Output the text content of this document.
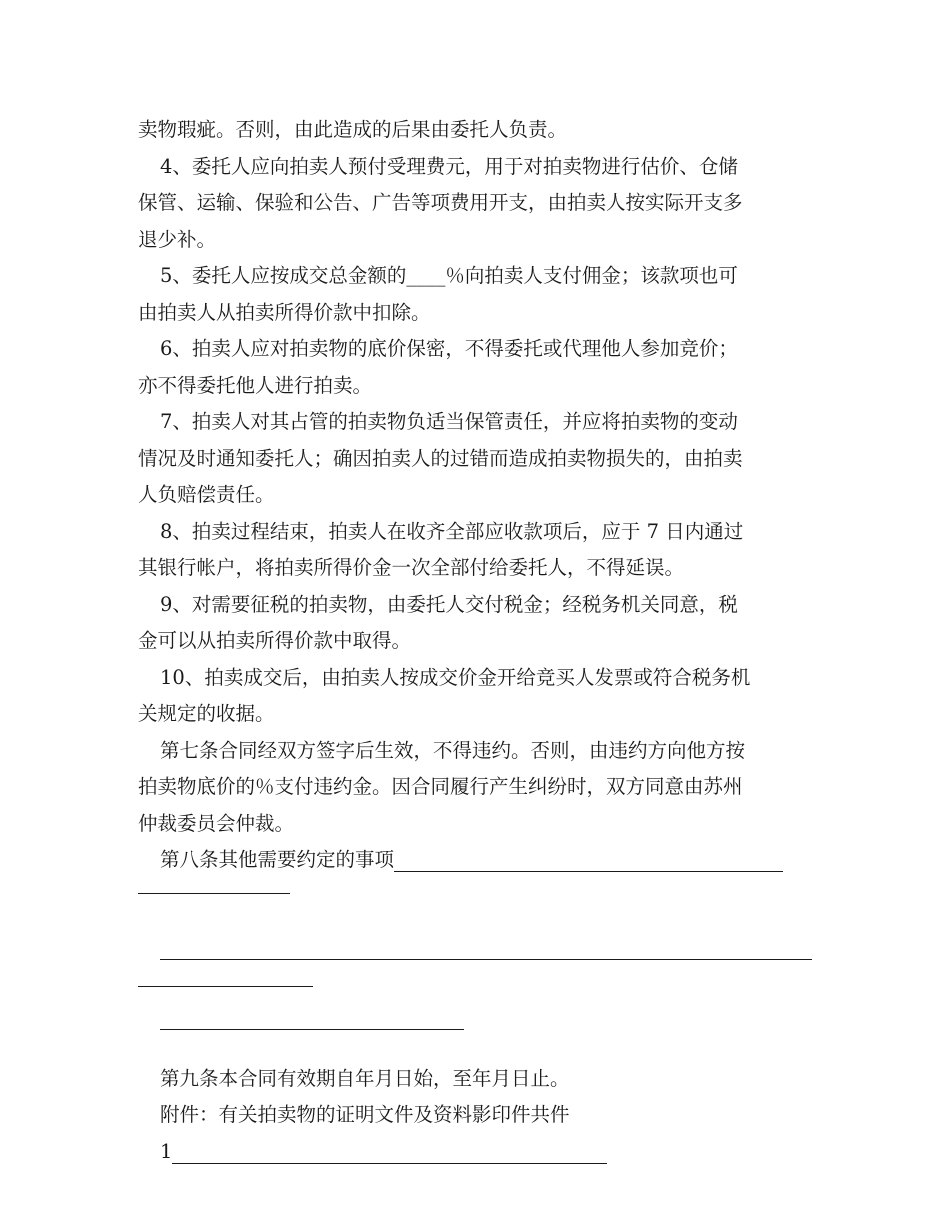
卖物瑕疵。否则，由此造成的后果由委托人负责。
4、委托人应向拍卖人预付受理费元，用于对拍卖物进行估价、仓储
保管、运输、保验和公告、广告等项费用开支，由拍卖人按实际开支多
退少补。
5、委托人应按成交总金额的____％向拍卖人支付佣金；该款项也可
由拍卖人从拍卖所得价款中扣除。
6、拍卖人应对拍卖物的底价保密，不得委托或代理他人参加竞价；
亦不得委托他人进行拍卖。
7、拍卖人对其占管的拍卖物负适当保管责任，并应将拍卖物的变动
情况及时通知委托人；确因拍卖人的过错而造成拍卖物损失的，由拍卖
人负赔偿责任。
8、拍卖过程结束，拍卖人在收齐全部应收款项后，应于 7 日内通过
其银行帐户，将拍卖所得价金一次全部付给委托人，不得延误。
9、对需要征税的拍卖物，由委托人交付税金；经税务机关同意，税
金可以从拍卖所得价款中取得。
10、拍卖成交后，由拍卖人按成交价金开给竞买人发票或符合税务机
关规定的收据。
第七条合同经双方签字后生效，不得违约。否则，由违约方向他方按
拍卖物底价的％支付违约金。因合同履行产生纠纷时，双方同意由苏州
仲裁委员会仲裁。
第八条其他需要约定的事项
第九条本合同有效期自年月日始，至年月日止。
附件：有关拍卖物的证明文件及资料影印件共件
1
